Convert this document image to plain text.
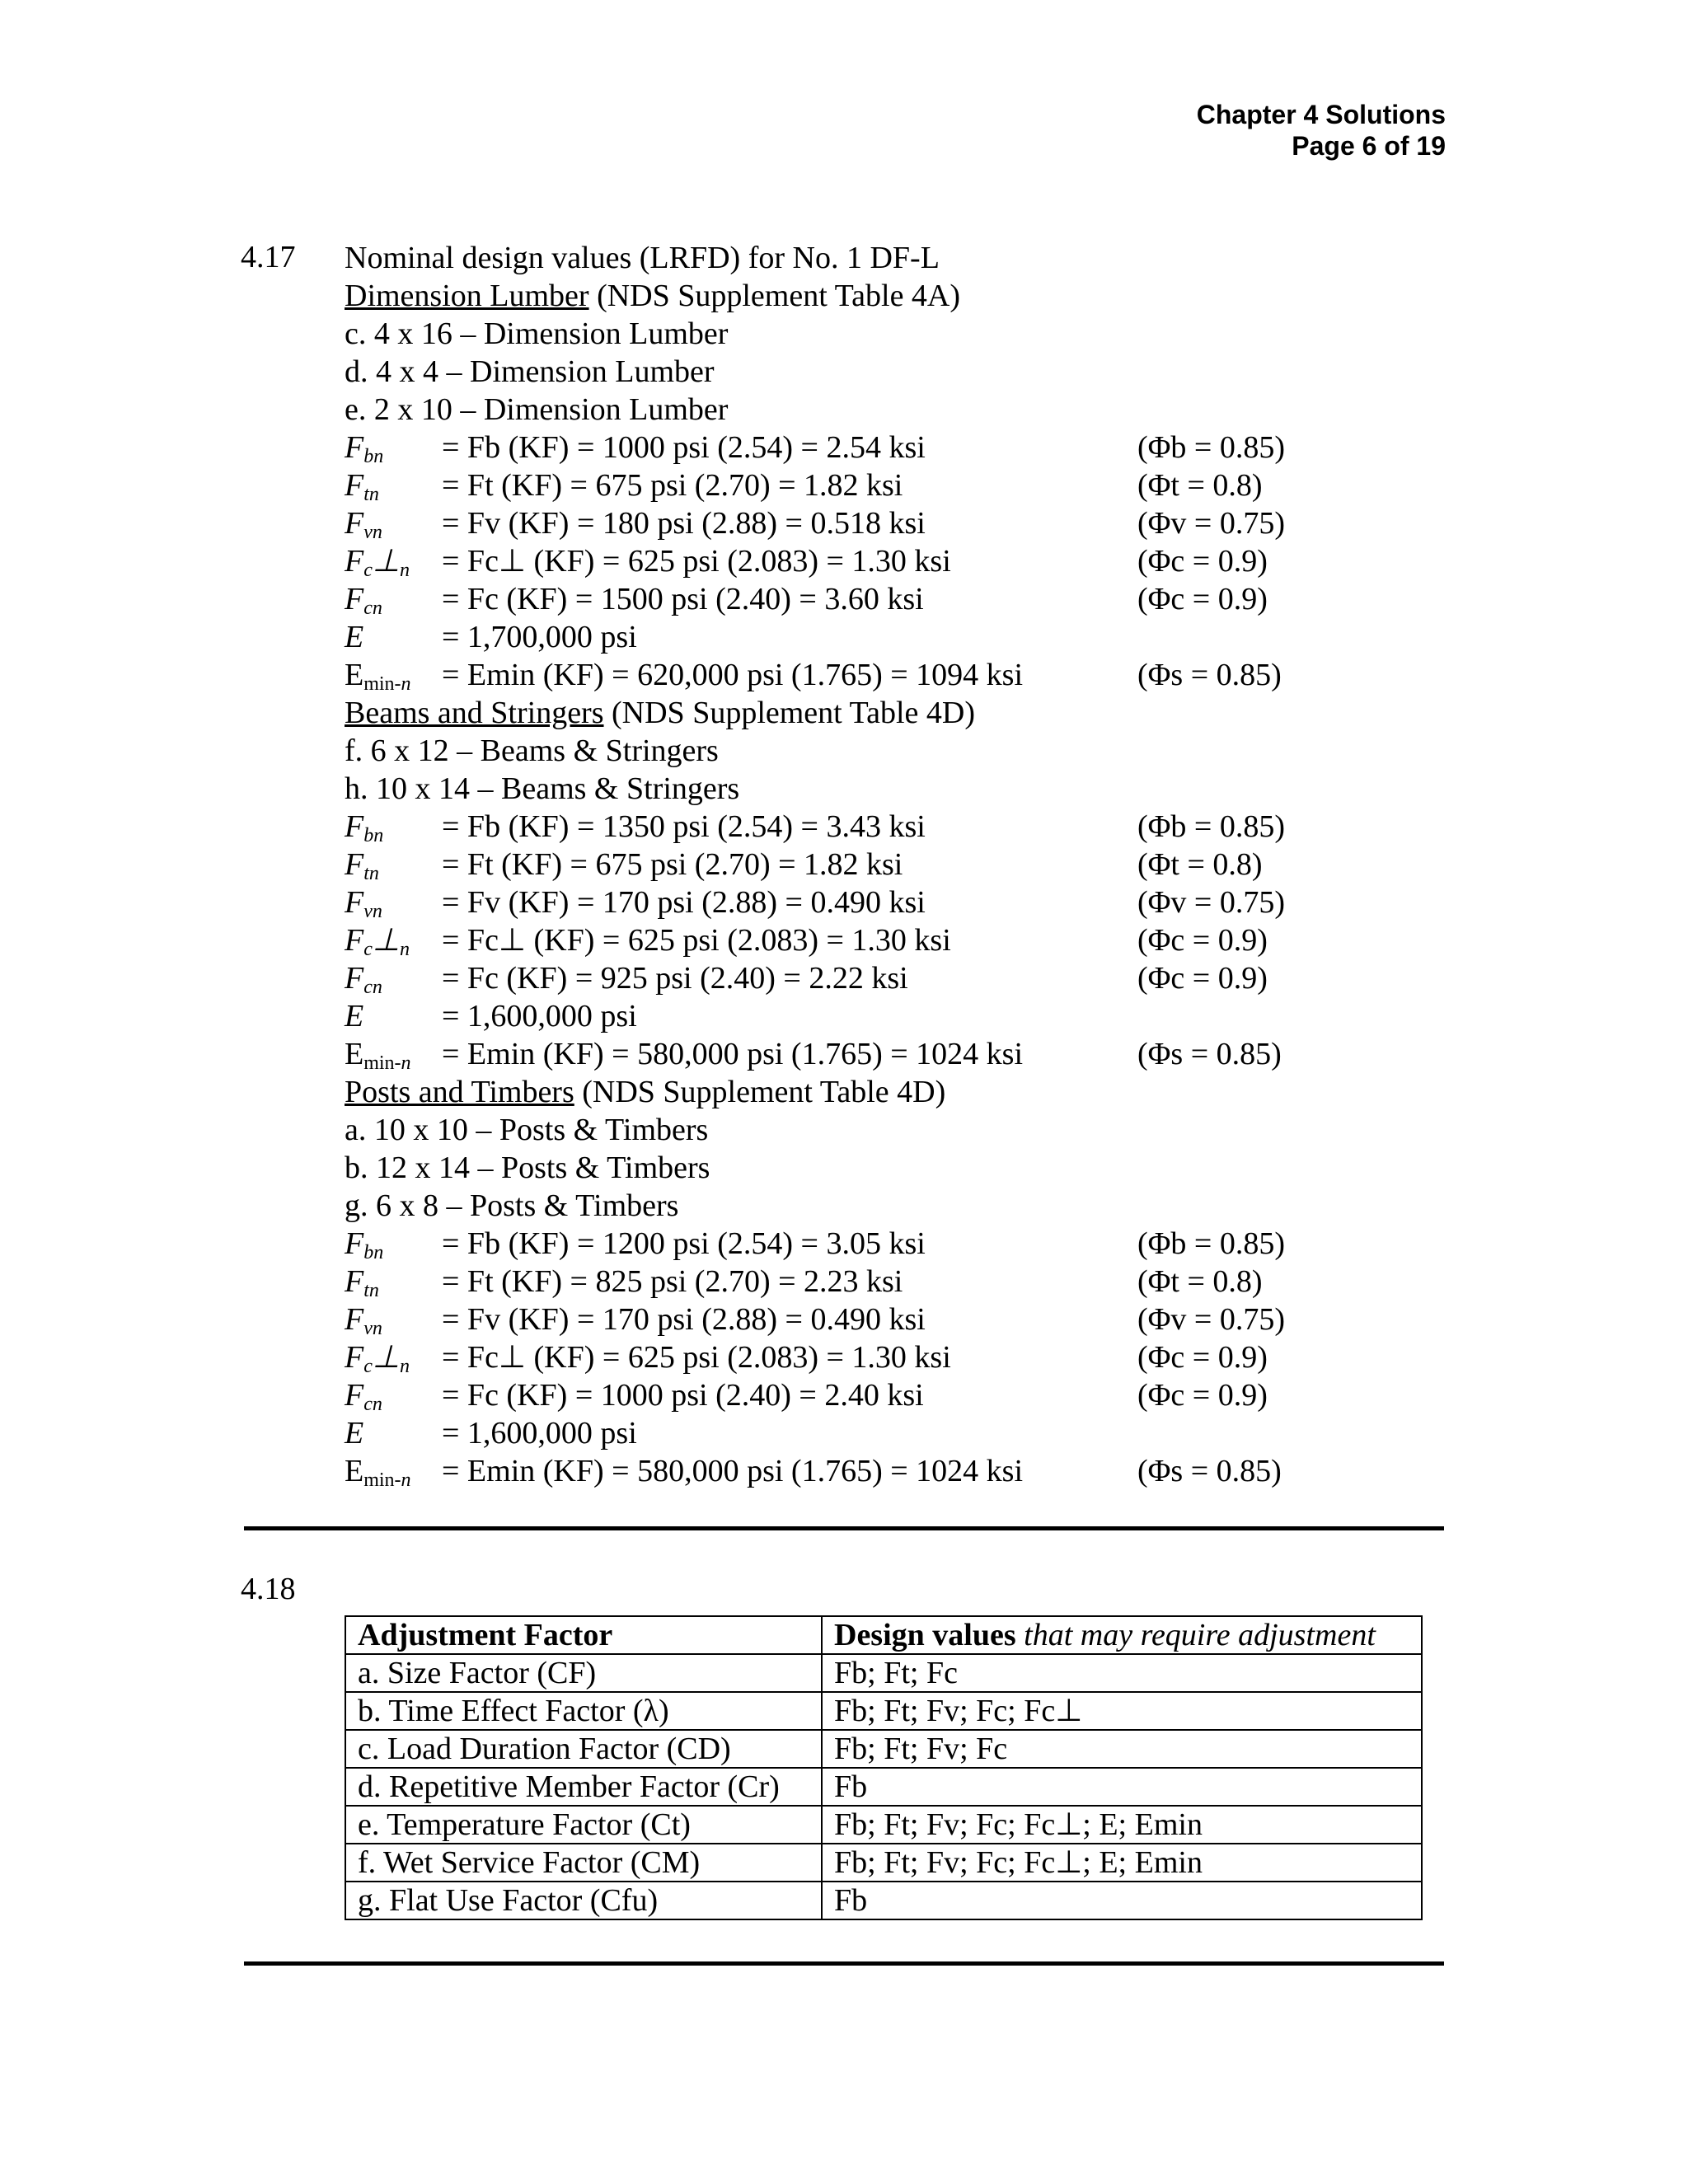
Chapter 4 Solutions
Page 6 of 19
4.17 Nominal design values (LRFD) for No. 1 DF-L
Dimension Lumber (NDS Supplement Table 4A)
c. 4 x 16 – Dimension Lumber
d. 4 x 4 – Dimension Lumber
e. 2 x 10 – Dimension Lumber
$F_{bn} = Fb$ (KF) = 1000 psi (2.54) = 2.54 ksi	(Φb = 0.85)
$F_{tn} = Ft$ (KF) = 675 psi (2.70) = 1.82 ksi	(Φt = 0.8)
$F_{vn} = Fv$ (KF) = 180 psi (2.88) = 0.518 ksi	(Φv = 0.75)
$F_c\perp_n$ = Fc⊥ (KF) = 625 psi (2.083) = 1.30 ksi	(Φc = 0.9)
$F_{cn} = Fc$ (KF) = 1500 psi (2.40) = 3.60 ksi	(Φc = 0.9)
E = 1,700,000 psi
$E_{min-n} = Emin$ (KF) = 620,000 psi (1.765) = 1094 ksi	(Φs = 0.85)
Beams and Stringers (NDS Supplement Table 4D)
f. 6 x 12 – Beams & Stringers
h. 10 x 14 – Beams & Stringers
$F_{bn} = Fb$ (KF) = 1350 psi (2.54) = 3.43 ksi	(Φb = 0.85)
$F_{tn} = Ft$ (KF) = 675 psi (2.70) = 1.82 ksi	(Φt = 0.8)
$F_{vn} = Fv$ (KF) = 170 psi (2.88) = 0.490 ksi	(Φv = 0.75)
$F_c\perp_n$ = Fc⊥ (KF) = 625 psi (2.083) = 1.30 ksi	(Φc = 0.9)
$F_{cn} = Fc$ (KF) = 925 psi (2.40) = 2.22 ksi	(Φc = 0.9)
E = 1,600,000 psi
$E_{min-n} = Emin$ (KF) = 580,000 psi (1.765) = 1024 ksi	(Φs = 0.85)
Posts and Timbers (NDS Supplement Table 4D)
a. 10 x 10 – Posts & Timbers
b. 12 x 14 – Posts & Timbers
g. 6 x 8 – Posts & Timbers
$F_{bn} = Fb$ (KF) = 1200 psi (2.54) = 3.05 ksi	(Φb = 0.85)
$F_{tn} = Ft$ (KF) = 825 psi (2.70) = 2.23 ksi	(Φt = 0.8)
$F_{vn} = Fv$ (KF) = 170 psi (2.88) = 0.490 ksi	(Φv = 0.75)
$F_c\perp_n$ = Fc⊥ (KF) = 625 psi (2.083) = 1.30 ksi	(Φc = 0.9)
$F_{cn} = Fc$ (KF) = 1000 psi (2.40) = 2.40 ksi	(Φc = 0.9)
E = 1,600,000 psi
$E_{min-n} = Emin$ (KF) = 580,000 psi (1.765) = 1024 ksi	(Φs = 0.85)
4.18
Adjustment Factor	Design values that may require adjustment
a. Size Factor (CF)	Fb; Ft; Fc
b. Time Effect Factor (λ)	Fb; Ft; Fv; Fc; Fc⊥
c. Load Duration Factor (CD)	Fb; Ft; Fv; Fc
d. Repetitive Member Factor (Cr)	Fb
e. Temperature Factor (Ct)	Fb; Ft; Fv; Fc; Fc⊥; E; Emin
f. Wet Service Factor (CM)	Fb; Ft; Fv; Fc; Fc⊥; E; Emin
g. Flat Use Factor (Cfu)	Fb
